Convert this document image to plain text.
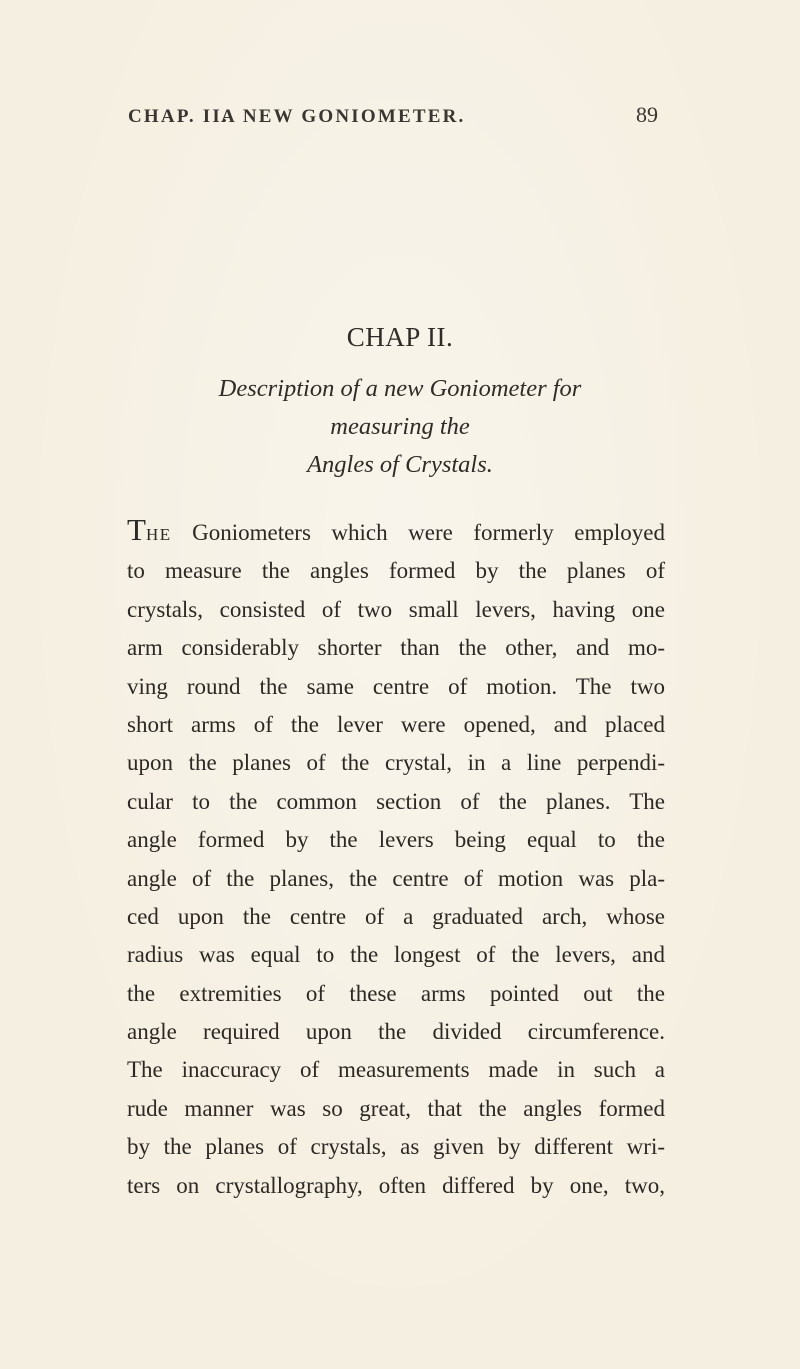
CHAP. II.
A NEW GONIOMETER.	89
CHAP II.
Description of a new Goniometer for measuring the
Angles of Crystals.
THE Goniometers which were formerly employed
to measure the angles formed by the planes of
crystals, consisted of two small levers, having one
arm considerably shorter than the other, and mo-
ving round the same centre of motion. The two
short arms of the lever were opened, and placed
upon the planes of the crystal, in a line perpendi-
cular to the common section of the planes. The
angle formed by the levers being equal to the
angle of the planes, the centre of motion was pla-
ced upon the centre of a graduated arch, whose
radius was equal to the longest of the levers, and
the extremities of these arms pointed out the
angle required upon the divided circumference.
The inaccuracy of measurements made in such a
rude manner was so great, that the angles formed
by the planes of crystals, as given by different wri-
ters on crystallography, often differed by one, two,
